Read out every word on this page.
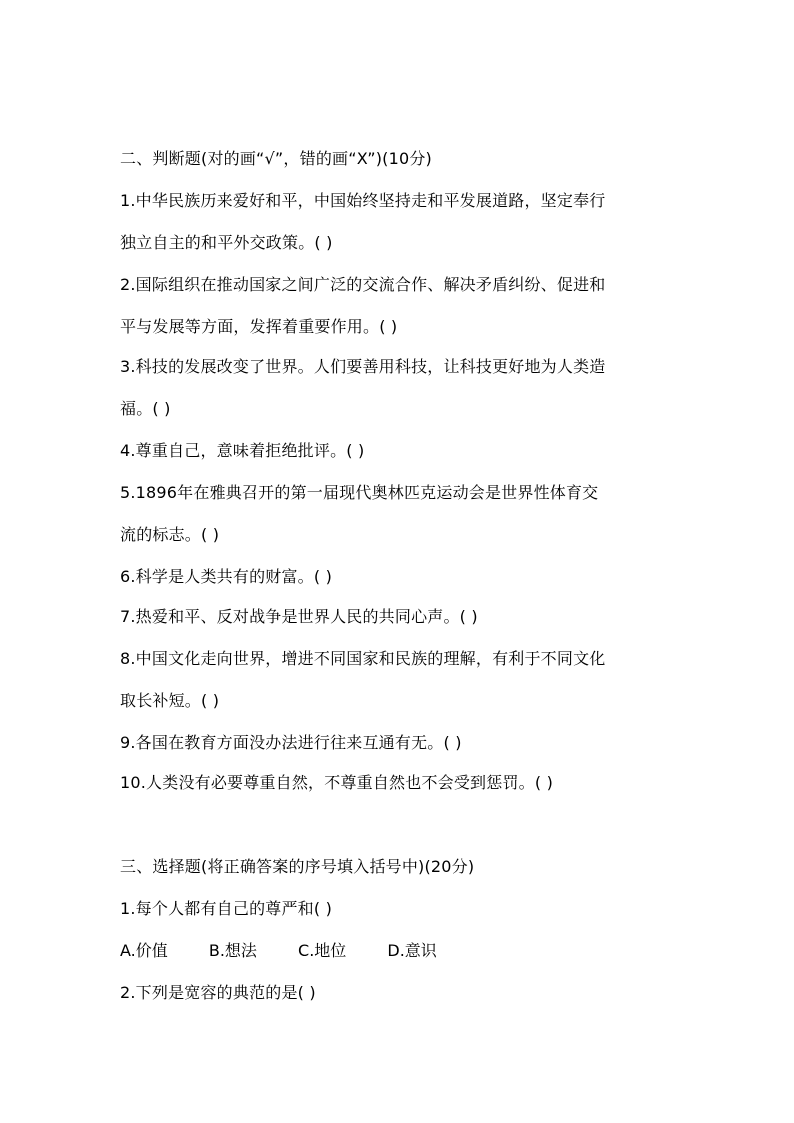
二、判断题(对的画“√”，错的画“X”)(10分)
1.中华民族历来爱好和平，中国始终坚持走和平发展道路，坚定奉行
独立自主的和平外交政策。( )
2.国际组织在推动国家之间广泛的交流合作、解决矛盾纠纷、促进和
平与发展等方面，发挥着重要作用。( )
3.科技的发展改变了世界。人们要善用科技，让科技更好地为人类造
福。( )
4.尊重自己，意味着拒绝批评。( )
5.1896年在雅典召开的第一届现代奥林匹克运动会是世界性体育交
流的标志。( )
6.科学是人类共有的财富。( )
7.热爱和平、反对战争是世界人民的共同心声。( )
8.中国文化走向世界，增进不同国家和民族的理解，有利于不同文化
取长补短。( )
9.各国在教育方面没办法进行往来互通有无。( )
10.人类没有必要尊重自然，不尊重自然也不会受到惩罚。( )
三、选择题(将正确答案的序号填入括号中)(20分)
1.每个人都有自己的尊严和( )
A.价值	B.想法	C.地位	D.意识
2.下列是宽容的典范的是( )
